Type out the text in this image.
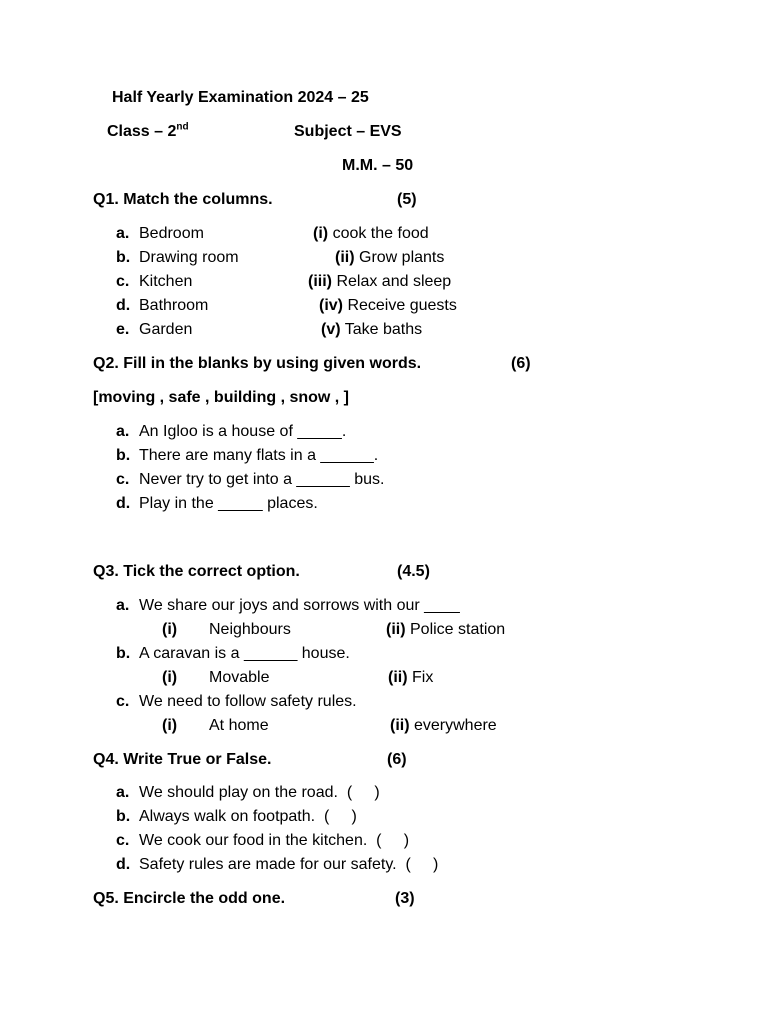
Half Yearly Examination 2024 – 25
Class – 2nd	Subject – EVS
M.M. – 50
Q1. Match the columns.	(5)
a. Bedroom	(i) cook the food
b. Drawing room	(ii) Grow plants
c. Kitchen	(iii) Relax and sleep
d. Bathroom	(iv) Receive guests
e. Garden	(v) Take baths
Q2. Fill in the blanks by using given words.	(6)
[moving , safe , building , snow , ]
a. An Igloo is a house of _____.
b. There are many flats in a ______.
c. Never try to get into a ______ bus.
d. Play in the _____ places.
Q3. Tick the correct option.	(4.5)
a. We share our joys and sorrows with our ____
(i) Neighbours	(ii) Police station
b. A caravan is a ______ house.
(i) Movable	(ii) Fix
c. We need to follow safety rules.
(i) At home	(ii) everywhere
Q4. Write True or False.	(6)
a. We should play on the road.  (     )
b. Always walk on footpath.  (     )
c. We cook our food in the kitchen.  (     )
d. Safety rules are made for our safety.  (     )
Q5. Encircle the odd one.	(3)
